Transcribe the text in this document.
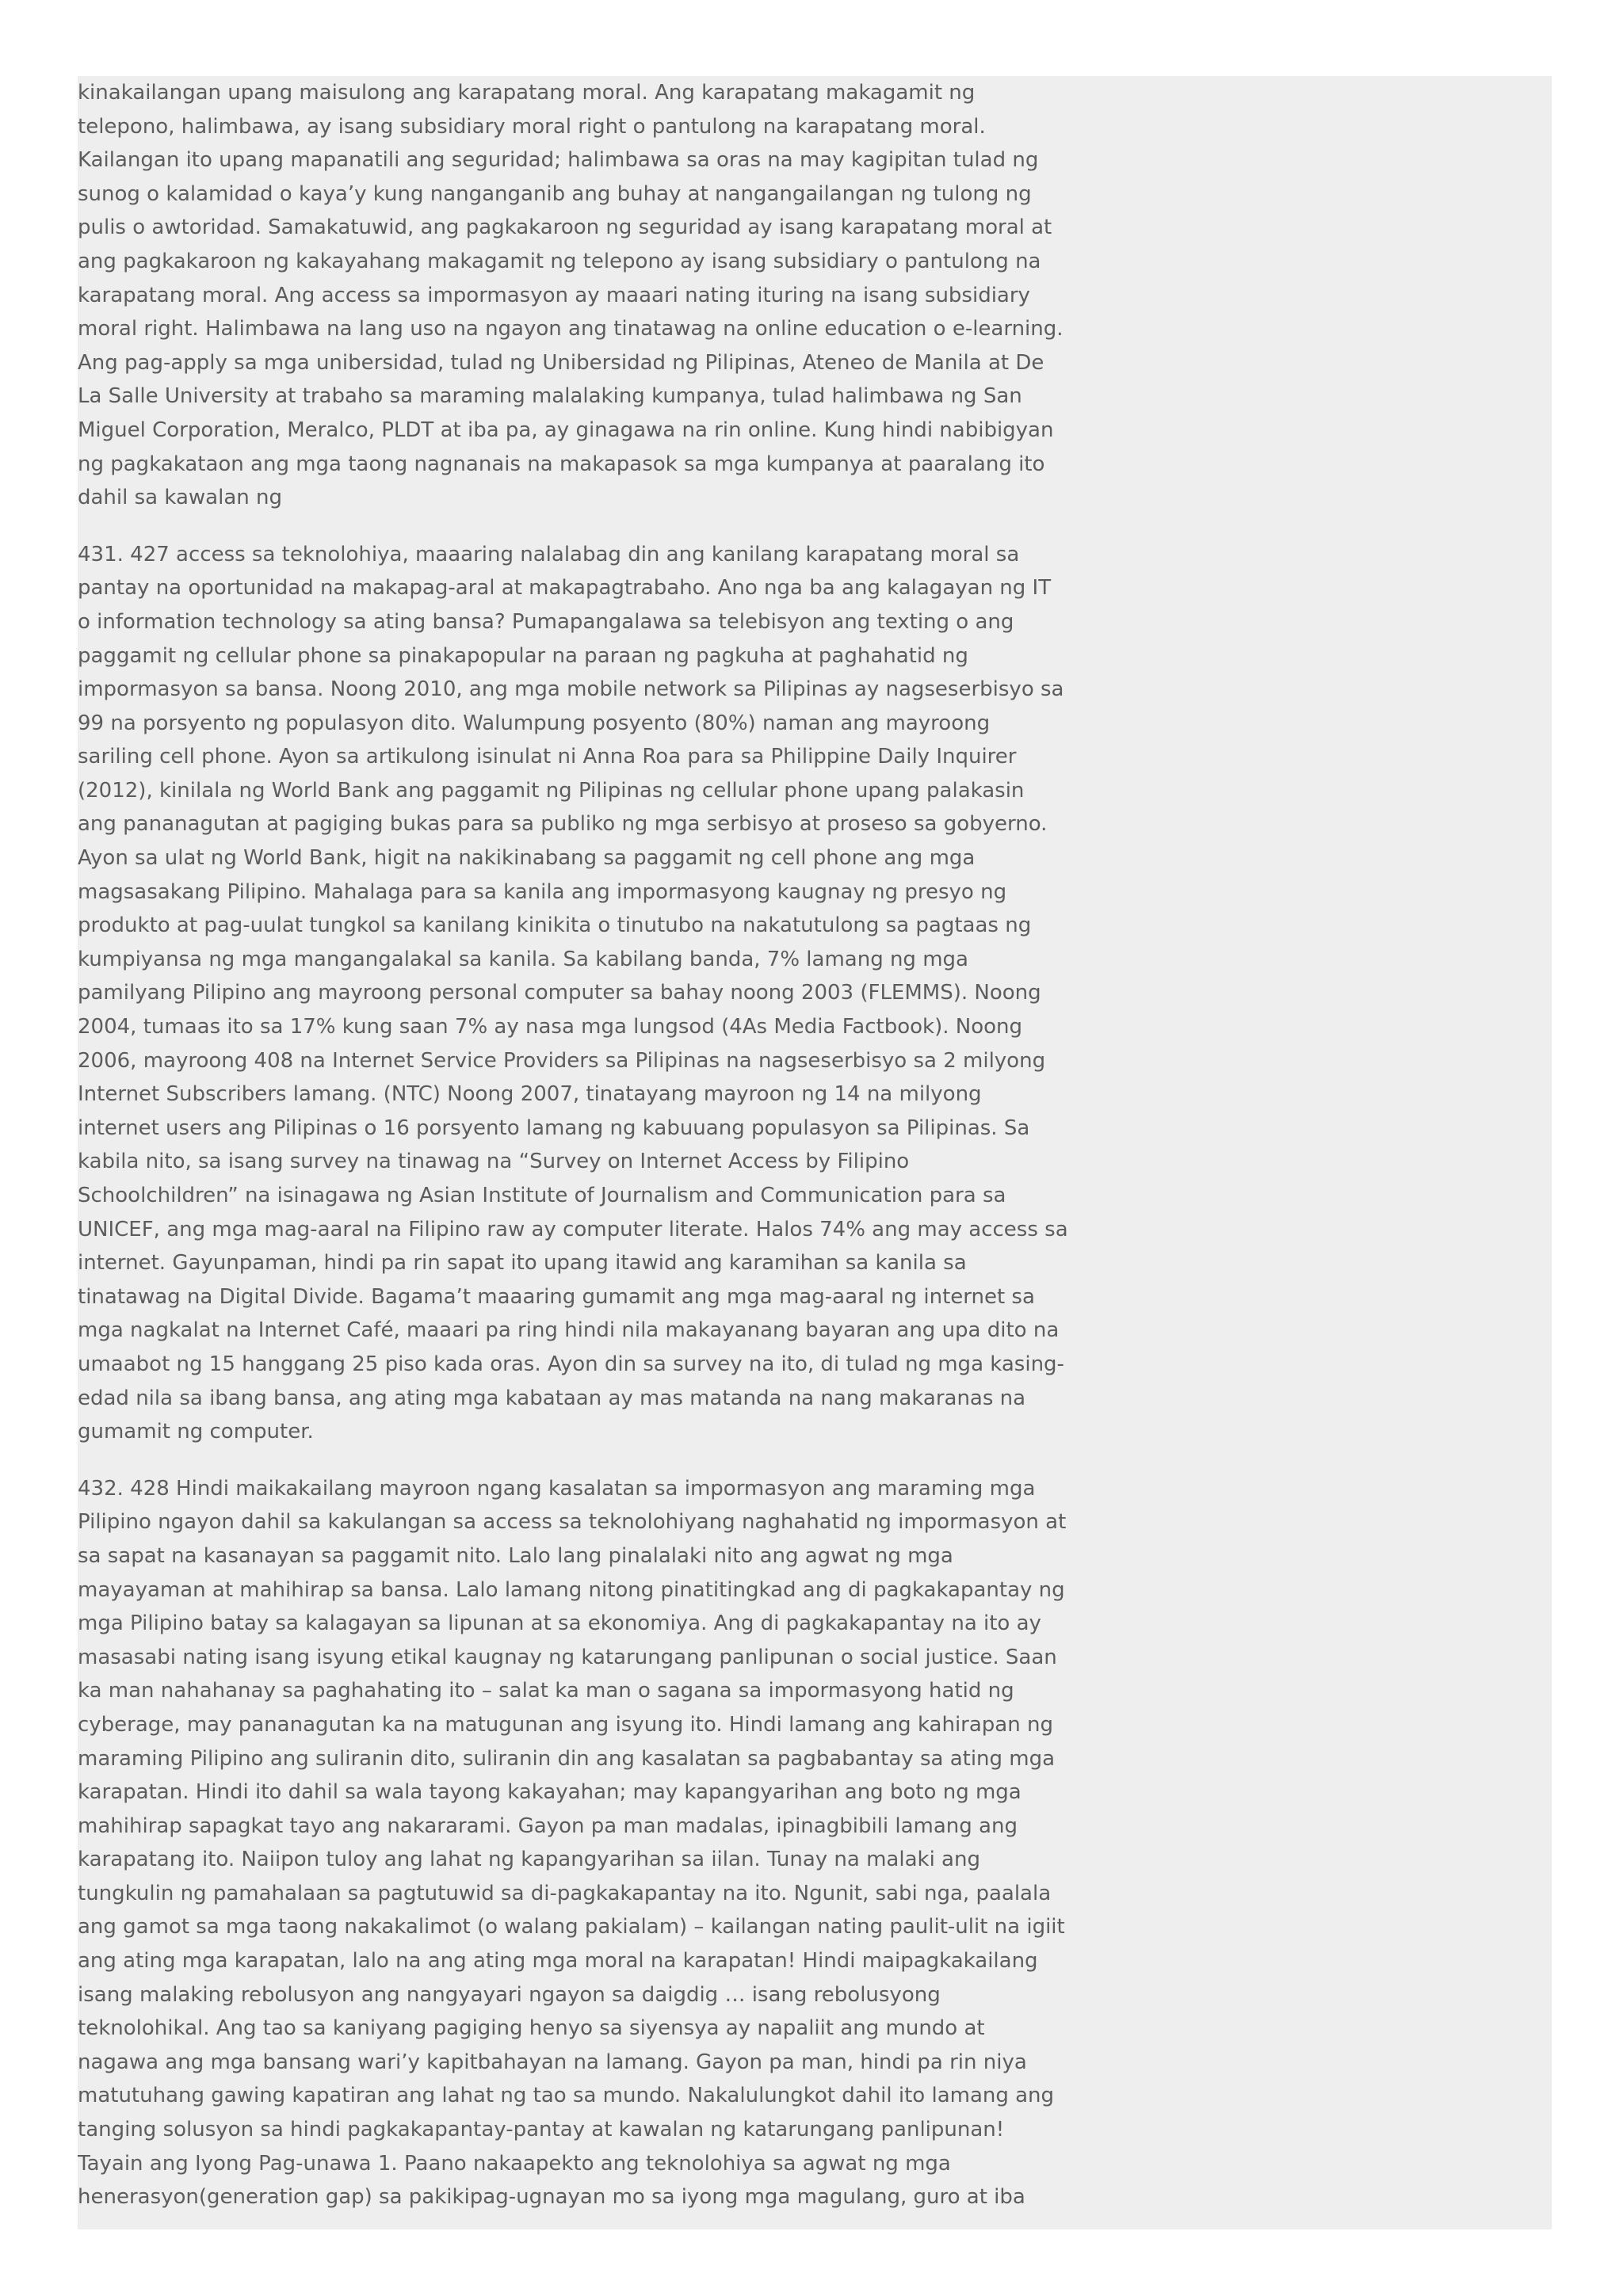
kinakailangan upang maisulong ang karapatang moral. Ang karapatang makagamit ng telepono, halimbawa, ay isang subsidiary moral right o pantulong na karapatang moral. Kailangan ito upang mapanatili ang seguridad; halimbawa sa oras na may kagipitan tulad ng sunog o kalamidad o kaya’y kung nanganganib ang buhay at nangangailangan ng tulong ng pulis o awtoridad. Samakatuwid, ang pagkakaroon ng seguridad ay isang karapatang moral at ang pagkakaroon ng kakayahang makagamit ng telepono ay isang subsidiary o pantulong na karapatang moral. Ang access sa impormasyon ay maaari nating ituring na isang subsidiary moral right. Halimbawa na lang uso na ngayon ang tinatawag na online education o e-learning. Ang pag-apply sa mga unibersidad, tulad ng Unibersidad ng Pilipinas, Ateneo de Manila at De La Salle University at trabaho sa maraming malalaking kumpanya, tulad halimbawa ng San Miguel Corporation, Meralco, PLDT at iba pa, ay ginagawa na rin online. Kung hindi nabibigyan ng pagkakataon ang mga taong nagnanais na makapasok sa mga kumpanya at paaralang ito dahil sa kawalan ng

431. 427 access sa teknolohiya, maaaring nalalabag din ang kanilang karapatang moral sa pantay na oportunidad na makapag-aral at makapagtrabaho. Ano nga ba ang kalagayan ng IT o information technology sa ating bansa? Pumapangalawa sa telebisyon ang texting o ang paggamit ng cellular phone sa pinakapopular na paraan ng pagkuha at paghahatid ng impormasyon sa bansa. Noong 2010, ang mga mobile network sa Pilipinas ay nagseserbisyo sa 99 na porsyento ng populasyon dito. Walumpung posyento (80%) naman ang mayroong sariling cell phone. Ayon sa artikulong isinulat ni Anna Roa para sa Philippine Daily Inquirer (2012), kinilala ng World Bank ang paggamit ng Pilipinas ng cellular phone upang palakasin ang pananagutan at pagiging bukas para sa publiko ng mga serbisyo at proseso sa gobyerno. Ayon sa ulat ng World Bank, higit na nakikinabang sa paggamit ng cell phone ang mga magsasakang Pilipino. Mahalaga para sa kanila ang impormasyong kaugnay ng presyo ng produkto at pag-uulat tungkol sa kanilang kinikita o tinutubo na nakatutulong sa pagtaas ng kumpiyansa ng mga mangangalakal sa kanila. Sa kabilang banda, 7% lamang ng mga pamilyang Pilipino ang mayroong personal computer sa bahay noong 2003 (FLEMMS). Noong 2004, tumaas ito sa 17% kung saan 7% ay nasa mga lungsod (4As Media Factbook). Noong 2006, mayroong 408 na Internet Service Providers sa Pilipinas na nagseserbisyo sa 2 milyong Internet Subscribers lamang. (NTC) Noong 2007, tinatayang mayroon ng 14 na milyong internet users ang Pilipinas o 16 porsyento lamang ng kabuuang populasyon sa Pilipinas. Sa kabila nito, sa isang survey na tinawag na “Survey on Internet Access by Filipino Schoolchildren” na isinagawa ng Asian Institute of Journalism and Communication para sa UNICEF, ang mga mag-aaral na Filipino raw ay computer literate. Halos 74% ang may access sa internet. Gayunpaman, hindi pa rin sapat ito upang itawid ang karamihan sa kanila sa tinatawag na Digital Divide. Bagama’t maaaring gumamit ang mga mag-aaral ng internet sa mga nagkalat na Internet Café, maaari pa ring hindi nila makayanang bayaran ang upa dito na umaabot ng 15 hanggang 25 piso kada oras. Ayon din sa survey na ito, di tulad ng mga kasing-edad nila sa ibang bansa, ang ating mga kabataan ay mas matanda na nang makaranas na gumamit ng computer.

432. 428 Hindi maikakailang mayroon ngang kasalatan sa impormasyon ang maraming mga Pilipino ngayon dahil sa kakulangan sa access sa teknolohiyang naghahatid ng impormasyon at sa sapat na kasanayan sa paggamit nito. Lalo lang pinalalaki nito ang agwat ng mga mayayaman at mahihirap sa bansa. Lalo lamang nitong pinatitingkad ang di pagkakapantay ng mga Pilipino batay sa kalagayan sa lipunan at sa ekonomiya. Ang di pagkakapantay na ito ay masasabi nating isang isyung etikal kaugnay ng katarungang panlipunan o social justice. Saan ka man nahahanay sa paghahating ito – salat ka man o sagana sa impormasyong hatid ng cyberage, may pananagutan ka na matugunan ang isyung ito. Hindi lamang ang kahirapan ng maraming Pilipino ang suliranin dito, suliranin din ang kasalatan sa pagbabantay sa ating mga karapatan. Hindi ito dahil sa wala tayong kakayahan; may kapangyarihan ang boto ng mga mahihirap sapagkat tayo ang nakararami. Gayon pa man madalas, ipinagbibili lamang ang karapatang ito. Naiipon tuloy ang lahat ng kapangyarihan sa iilan. Tunay na malaki ang tungkulin ng pamahalaan sa pagtutuwid sa di-pagkakapantay na ito. Ngunit, sabi nga, paalala ang gamot sa mga taong nakakalimot (o walang pakialam) – kailangan nating paulit-ulit na igiit ang ating mga karapatan, lalo na ang ating mga moral na karapatan! Hindi maipagkakailang isang malaking rebolusyon ang nangyayari ngayon sa daigdig … isang rebolusyong teknolohikal. Ang tao sa kaniyang pagiging henyo sa siyensya ay napaliit ang mundo at nagawa ang mga bansang wari’y kapitbahayan na lamang. Gayon pa man, hindi pa rin niya matutuhang gawing kapatiran ang lahat ng tao sa mundo. Nakalulungkot dahil ito lamang ang tanging solusyon sa hindi pagkakapantay-pantay at kawalan ng katarungang panlipunan! Tayain ang Iyong Pag-unawa 1. Paano nakaapekto ang teknolohiya sa agwat ng mga henerasyon(generation gap) sa pakikipag-ugnayan mo sa iyong mga magulang, guro at iba
